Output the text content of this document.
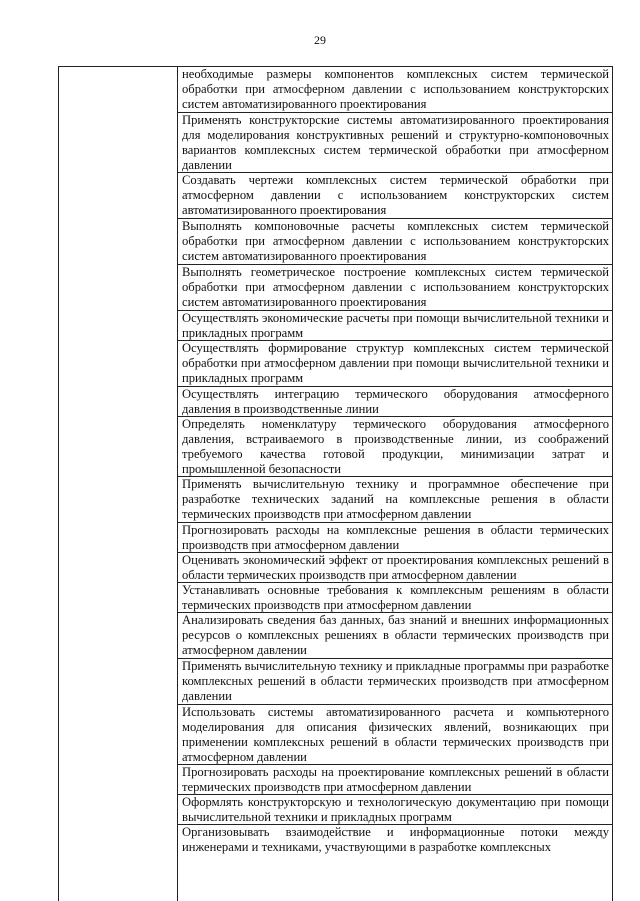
29
необходимые размеры компонентов комплексных систем термической обработки при атмосферном давлении с использованием конструкторских систем автоматизированного проектирования
Применять конструкторские системы автоматизированного проектирования для моделирования конструктивных решений и структурно-компоновочных вариантов комплексных систем термической обработки при атмосферном давлении
Создавать чертежи комплексных систем термической обработки при атмосферном давлении с использованием конструкторских систем автоматизированного проектирования
Выполнять компоновочные расчеты комплексных систем термической обработки при атмосферном давлении с использованием конструкторских систем автоматизированного проектирования
Выполнять геометрическое построение комплексных систем термической обработки при атмосферном давлении с использованием конструкторских систем автоматизированного проектирования
Осуществлять экономические расчеты при помощи вычислительной техники и прикладных программ
Осуществлять формирование структур комплексных систем термической обработки при атмосферном давлении при помощи вычислительной техники и прикладных программ
Осуществлять интеграцию термического оборудования атмосферного давления в производственные линии
Определять номенклатуру термического оборудования атмосферного давления, встраиваемого в производственные линии, из соображений требуемого качества готовой продукции, минимизации затрат и промышленной безопасности
Применять вычислительную технику и программное обеспечение при разработке технических заданий на комплексные решения в области термических производств при атмосферном давлении
Прогнозировать расходы на комплексные решения в области термических производств при атмосферном давлении
Оценивать экономический эффект от проектирования комплексных решений в области термических производств при атмосферном давлении
Устанавливать основные требования к комплексным решениям в области термических производств при атмосферном давлении
Анализировать сведения баз данных, баз знаний и внешних информационных ресурсов о комплексных решениях в области термических производств при атмосферном давлении
Применять вычислительную технику и прикладные программы при разработке комплексных решений в области термических производств при атмосферном давлении
Использовать системы автоматизированного расчета и компьютерного моделирования для описания физических явлений, возникающих при применении комплексных решений в области термических производств при атмосферном давлении
Прогнозировать расходы на проектирование комплексных решений в области термических производств при атмосферном давлении
Оформлять конструкторскую и технологическую документацию при помощи вычислительной техники и прикладных программ
Организовывать взаимодействие и информационные потоки между инженерами и техниками, участвующими в разработке комплексных
